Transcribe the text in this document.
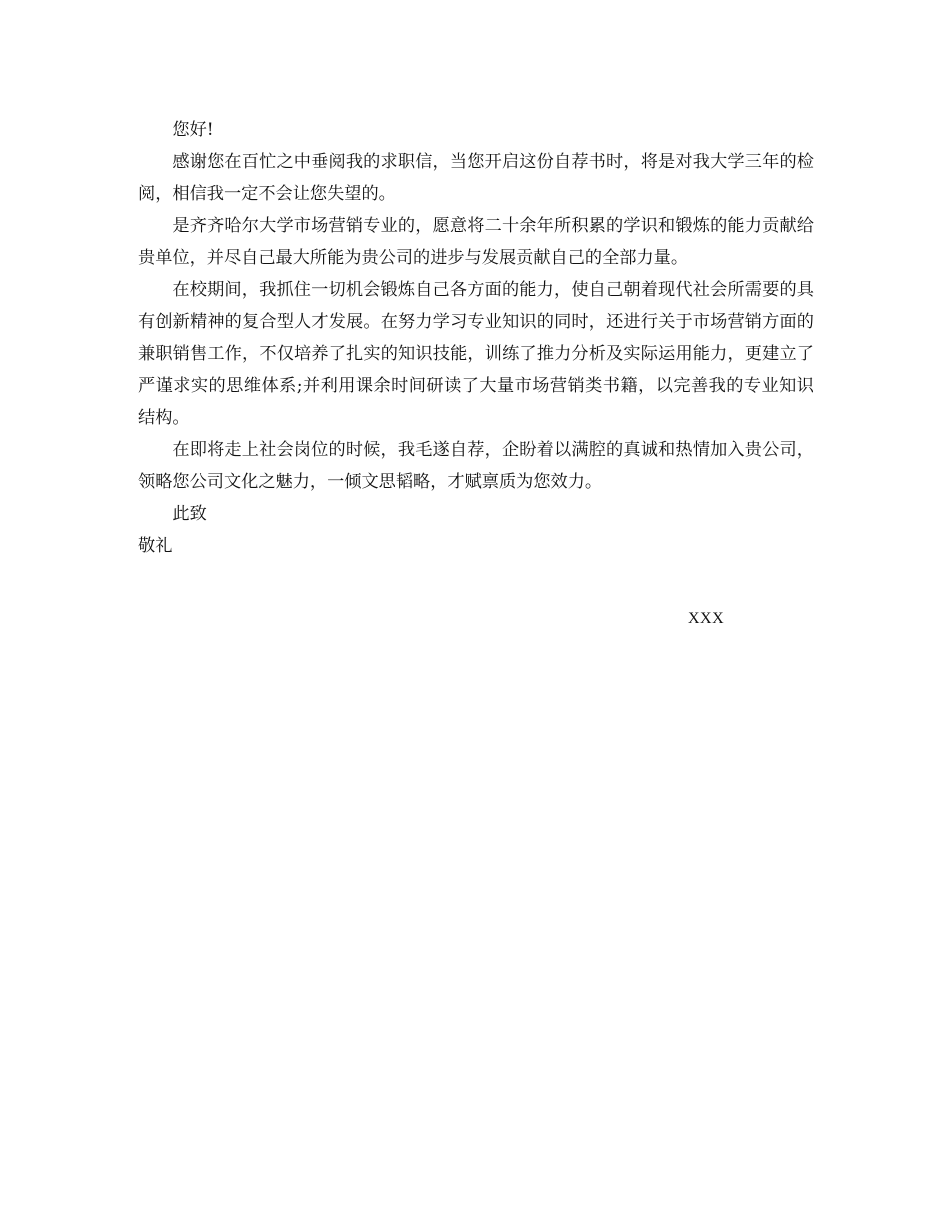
您好!

感谢您在百忙之中垂阅我的求职信，当您开启这份自荐书时，将是对我大学三年的检阅，相信我一定不会让您失望的。

是齐齐哈尔大学市场营销专业的，愿意将二十余年所积累的学识和锻炼的能力贡献给贵单位，并尽自己最大所能为贵公司的进步与发展贡献自己的全部力量。

在校期间，我抓住一切机会锻炼自己各方面的能力，使自己朝着现代社会所需要的具有创新精神的复合型人才发展。在努力学习专业知识的同时，还进行关于市场营销方面的兼职销售工作，不仅培养了扎实的知识技能，训练了推力分析及实际运用能力，更建立了严谨求实的思维体系;并利用课余时间研读了大量市场营销类书籍，以完善我的专业知识结构。

在即将走上社会岗位的时候，我毛遂自荐，企盼着以满腔的真诚和热情加入贵公司，领略您公司文化之魅力，一倾文思韬略，才赋禀质为您效力。

此致

敬礼

XXX
